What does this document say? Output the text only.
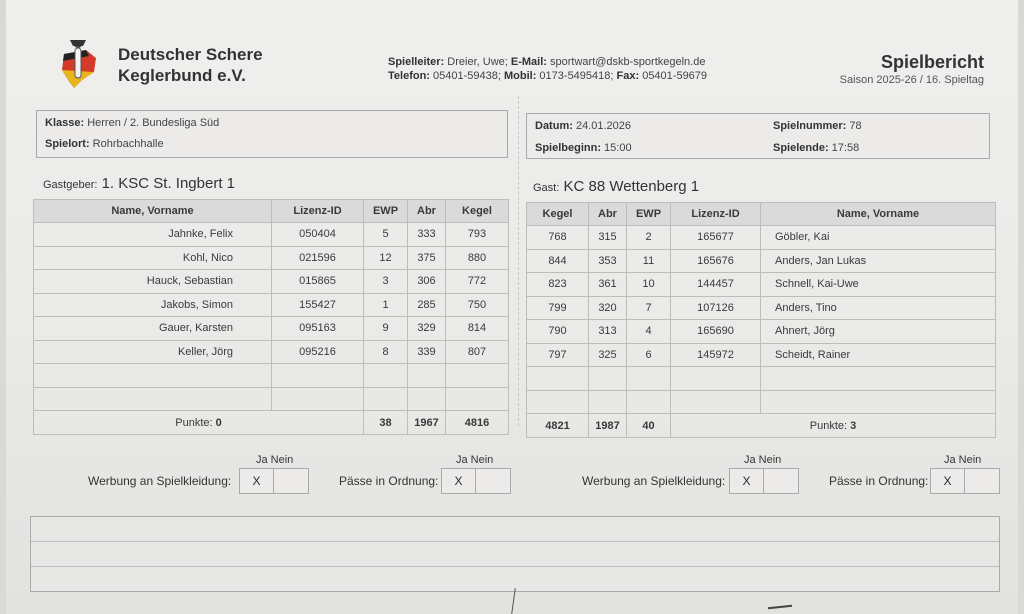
Deutscher Schere
Keglerbund e.V.
Spielleiter: Dreier, Uwe; E-Mail: sportwart@dskb-sportkegeln.de
Telefon: 05401-59438; Mobil: 0173-5495418; Fax: 05401-59679
Spielbericht
Saison 2025-26 / 16. Spieltag
Klasse: Herren / 2. Bundesliga Süd
Spielort: Rohrbachhalle
Datum: 24.01.2026
Spielbeginn: 15:00
Spielnummer: 78
Spielende: 17:58
Gastgeber: 1. KSC St. Ingbert 1	Gast: KC 88 Wettenberg 1
Name, Vorname	Lizenz-ID	EWP	Abr	Kegel
Jahnke, Felix	050404	5	333	793
Kohl, Nico	021596	12	375	880
Hauck, Sebastian	015865	3	306	772
Jakobs, Simon	155427	1	285	750
Gauer, Karsten	095163	9	329	814
Keller, Jörg	095216	8	339	807

Punkte: 0		38	1967	4816
Kegel	Abr	EWP	Lizenz-ID	Name, Vorname
768	315	2	165677	Göbler, Kai
844	353	11	165676	Anders, Jan Lukas
823	361	10	144457	Schnell, Kai-Uwe
799	320	7	107126	Anders, Tino
790	313	4	165690	Ahnert, Jörg
797	325	6	145972	Scheidt, Rainer

4821	1987	40	Punkte: 3	
Ja Nein
Werbung an Spielkleidung:	X
Ja Nein
Pässe in Ordnung:	X
Ja Nein
Werbung an Spielkleidung:	X
Ja Nein
Pässe in Ordnung:	X
